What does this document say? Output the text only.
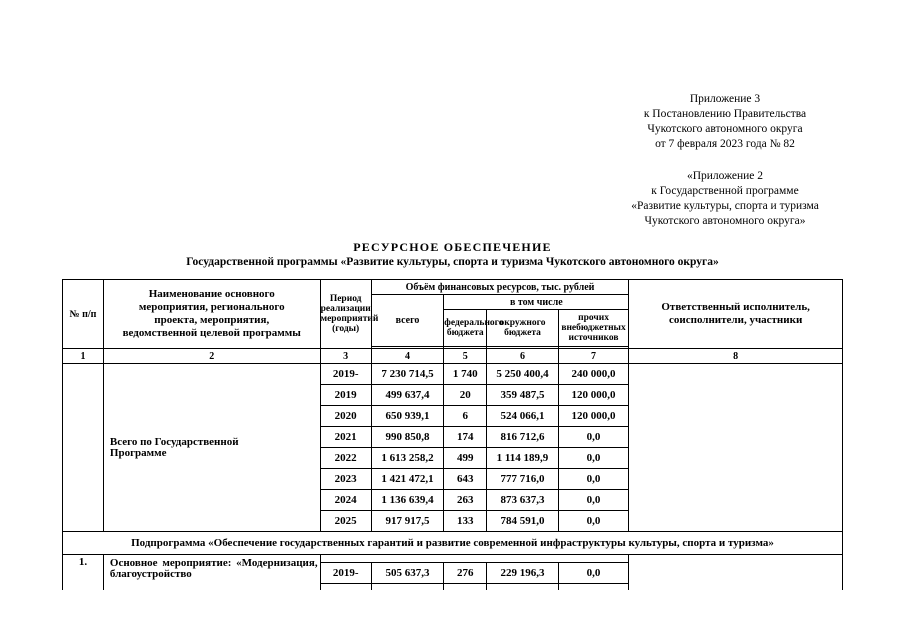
Приложение 3
к Постановлению Правительства
Чукотского автономного округа
от 7 февраля 2023 года № 82
«Приложение 2
к Государственной программе
«Развитие культуры, спорта и туризма
Чукотского автономного округа»
РЕСУРСНОЕ ОБЕСПЕЧЕНИЕ
Государственной программы «Развитие культуры, спорта и туризма Чукотского автономного округа»
№ п/п	Наименование основного мероприятия, регионального проекта, мероприятия, ведомственной целевой программы	Период реализации мероприятий (годы)	Объём финансовых ресурсов, тыс. рублей				Ответственный исполнитель, соисполнители, участники
			всего	в том числе			
				федерального бюджета	окружного бюджета	прочих внебюджетных источников	

1	2	3	4	5	6	7	8
	Всего по Государственной Программе	2019-	7 230 714,5	1 740	5 250 400,4	240 000,0	
		2019	499 637,4	20	359 487,5	120 000,0	
		2020	650 939,1	6	524 066,1	120 000,0	
		2021	990 850,8	174	816 712,6	0,0	
		2022	1 613 258,2	499	1 114 189,9	0,0	
		2023	1 421 472,1	643	777 716,0	0,0	
		2024	1 136 639,4	263	873 637,3	0,0	
		2025	917 917,5	133	784 591,0	0,0	
Подпрограмма «Обеспечение государственных гарантий и развитие современной инфраструктуры культуры, спорта и туризма»							
1.	Основное мероприятие: «Модернизация, благоустройство						
		2019-	505 637,3	276	229 196,3	0,0	
